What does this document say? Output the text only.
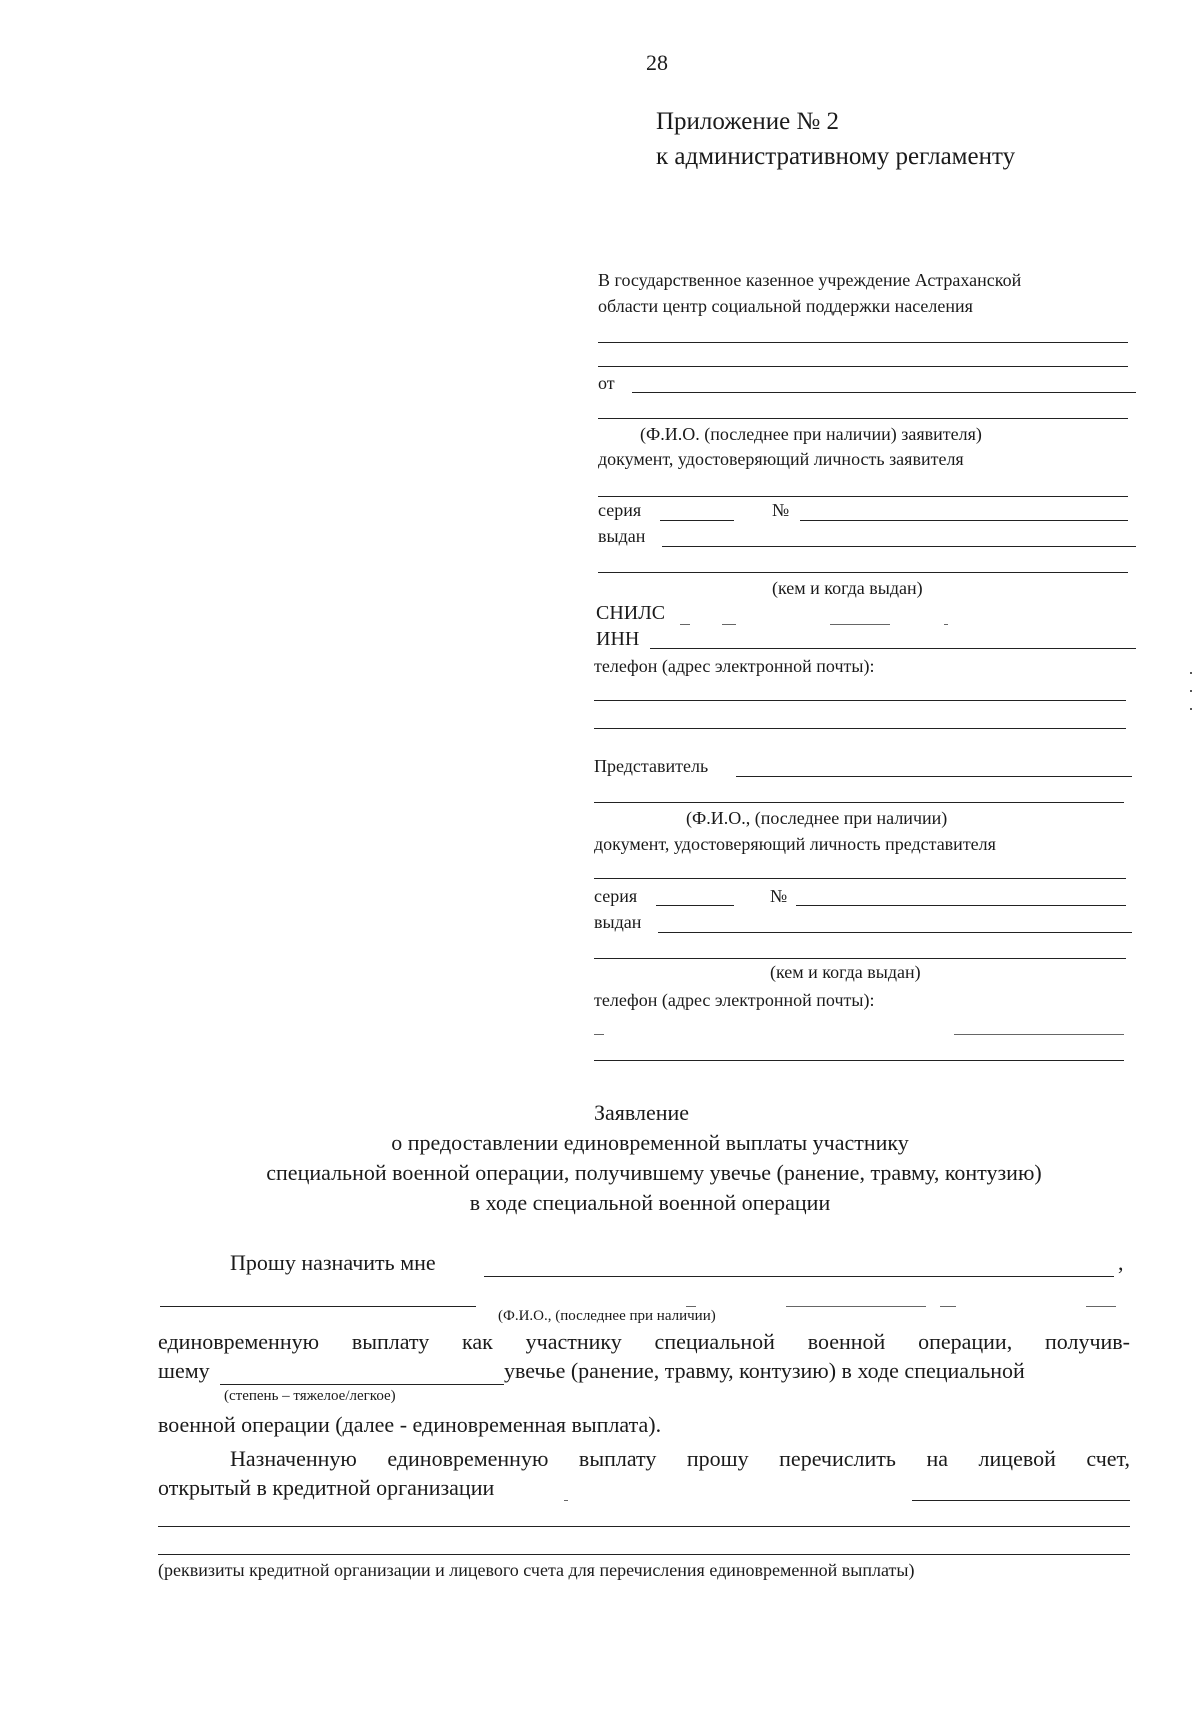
28
Приложение № 2
к административному регламенту
В государственное казенное учреждение Астраханской
области центр социальной поддержки населения
от
(Ф.И.О. (последнее при наличии) заявителя)
документ, удостоверяющий личность заявителя
серия	№
выдан
(кем и когда выдан)
СНИЛС
ИНН
телефон (адрес электронной почты):
Представитель
(Ф.И.О., (последнее при наличии)
документ, удостоверяющий личность представителя
серия	№
выдан
(кем и когда выдан)
телефон (адрес электронной почты):
Заявление
о предоставлении единовременной выплаты участнику
специальной военной операции, получившему увечье (ранение, травму, контузию)
в ходе специальной военной операции
Прошу назначить мне	,
(Ф.И.О., (последнее при наличии)
единовременную выплату как участнику специальной военной операции, получив-
шему	увечье (ранение, травму, контузию) в ходе специальной
(степень – тяжелое/легкое)
военной операции (далее - единовременная выплата).
Назначенную единовременную выплату прошу перечислить на лицевой счет,
открытый в кредитной организации
(реквизиты кредитной организации и лицевого счета для перечисления единовременной выплаты)
